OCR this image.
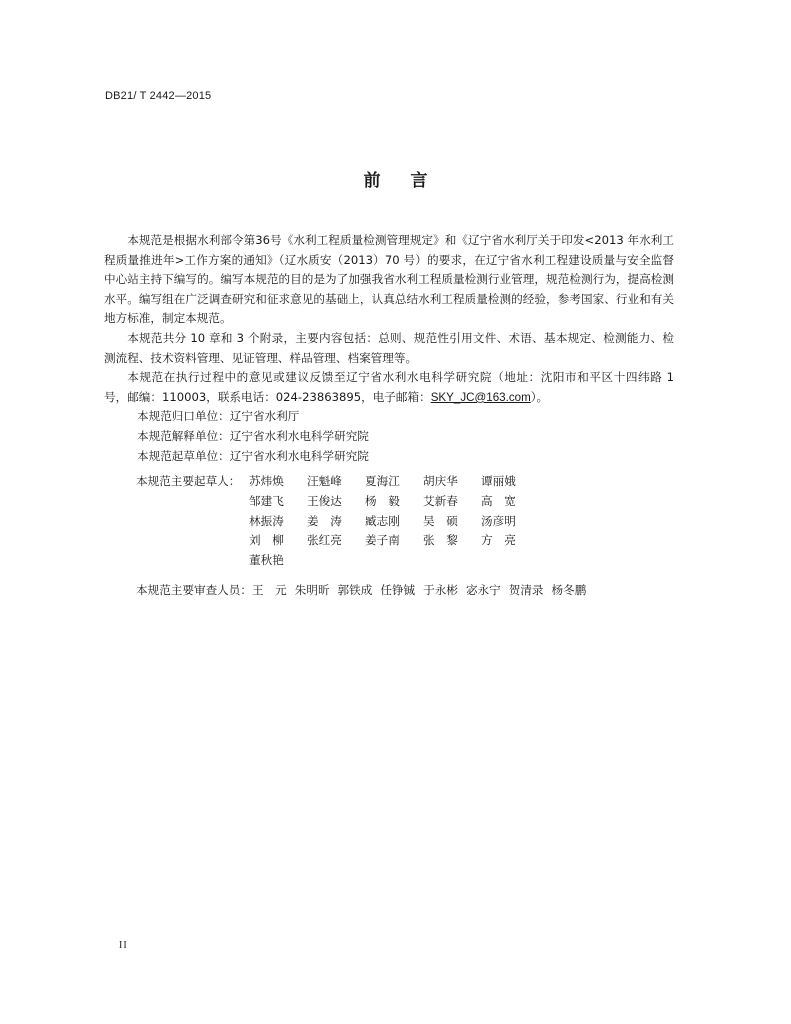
DB21/ T 2442—2015
前 言

本规范是根据水利部令第36号《水利工程质量检测管理规定》和《辽宁省水利厅关于印发<2013 年水利工程质量推进年>工作方案的通知》（辽水质安（2013）70 号）的要求，在辽宁省水利工程建设质量与安全监督中心站主持下编写的。编写本规范的目的是为了加强我省水利工程质量检测行业管理，规范检测行为，提高检测水平。编写组在广泛调查研究和征求意见的基础上，认真总结水利工程质量检测的经验，参考国家、行业和有关地方标准，制定本规范。

本规范共分 10 章和 3 个附录，主要内容包括：总则、规范性引用文件、术语、基本规定、检测能力、检测流程、技术资料管理、见证管理、样品管理、档案管理等。

本规范在执行过程中的意见或建议反馈至辽宁省水利水电科学研究院（地址：沈阳市和平区十四纬路 1 号，邮编：110003，联系电话：024-23863895，电子邮箱：SKY_JC@163.com）。

本规范归口单位：辽宁省水利厅

本规范解释单位：辽宁省水利水电科学研究院

本规范起草单位：辽宁省水利水电科学研究院

本规范主要起草人： 苏炜焕	汪魁峰	夏海江	胡庆华	谭丽娥
邹建飞	王俊达	杨　毅	艾新春	高　宽
林振涛	姜　涛	臧志刚	吴　硕	汤彦明
刘　柳	张红亮	姜子南	张　黎	方　亮
董秋艳
本规范主要审查人员：王　元 朱明昕 郭铁成 任铮铖 于永彬 宓永宁 贺清录 杨冬鹏
II
